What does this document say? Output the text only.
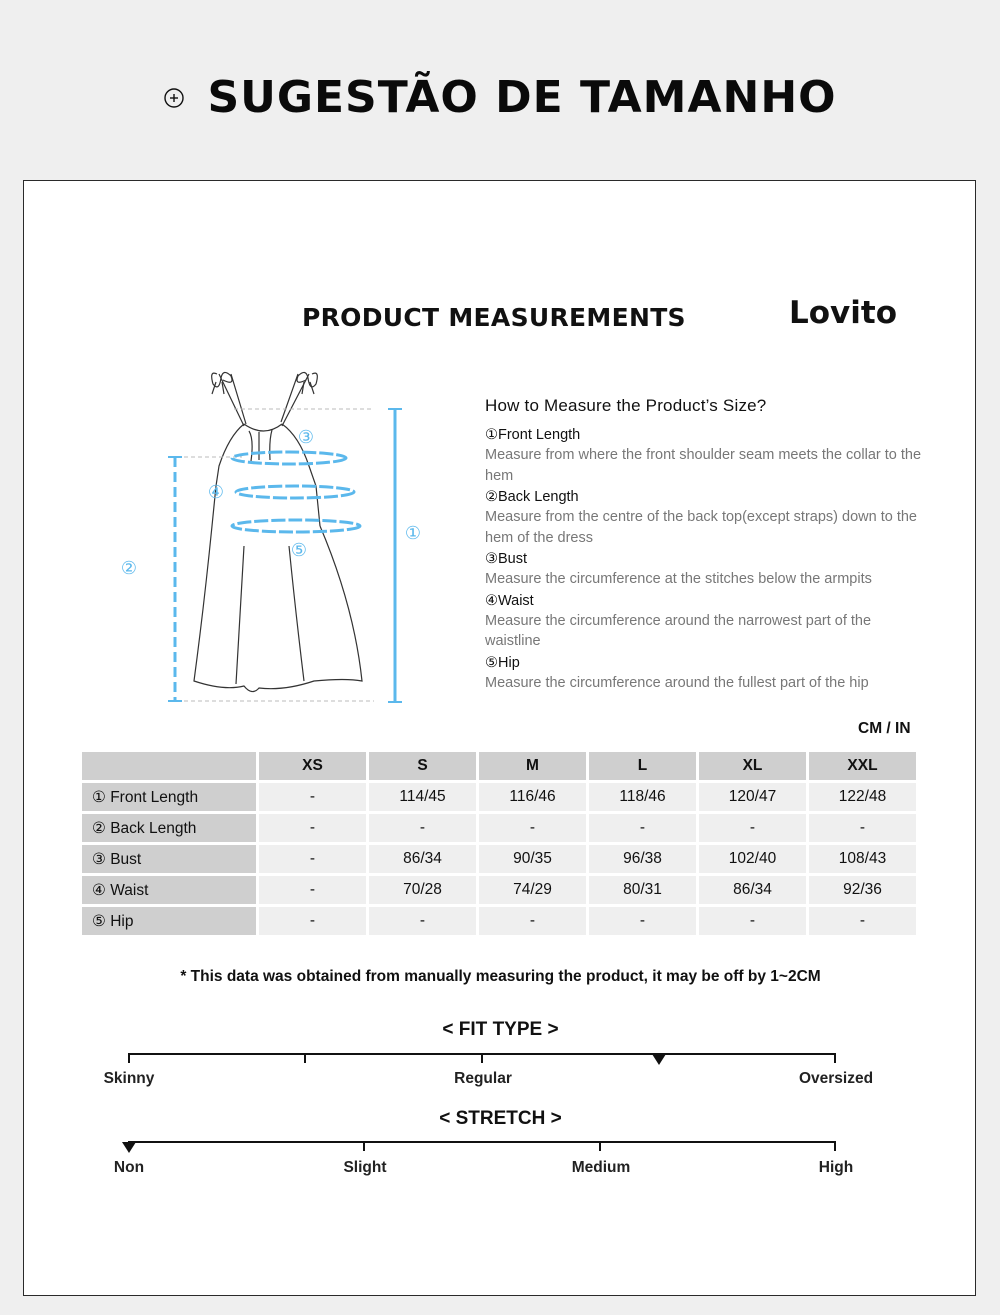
SUGESTÃO DE TAMANHO
PRODUCT MEASUREMENTS	Lovito
①
②
③
④
⑤
How to Measure the Product’s Size?
①Front Length
Measure from where the front shoulder seam meets the collar to the hem
②Back Length
Measure from the centre of the back top(except straps) down to the hem of the dress
③Bust
Measure the circumference at the stitches below the armpits
④Waist
Measure the circumference around the narrowest part of the waistline
⑤Hip
Measure the circumference around the fullest part of the hip
CM / IN
	XS	S	M	L	XL	XXL
① Front Length	-	114/45	116/46	118/46	120/47	122/48
② Back Length	-	-	-	-	-	-
③ Bust	-	86/34	90/35	96/38	102/40	108/43
④ Waist	-	70/28	74/29	80/31	86/34	92/36
⑤ Hip	-	-	-	-	-	-
* This data was obtained from manually measuring the product, it may be off by 1~2CM
< FIT TYPE >
Skinny	Regular	Oversized
< STRETCH >
Non	Slight	Medium	High
